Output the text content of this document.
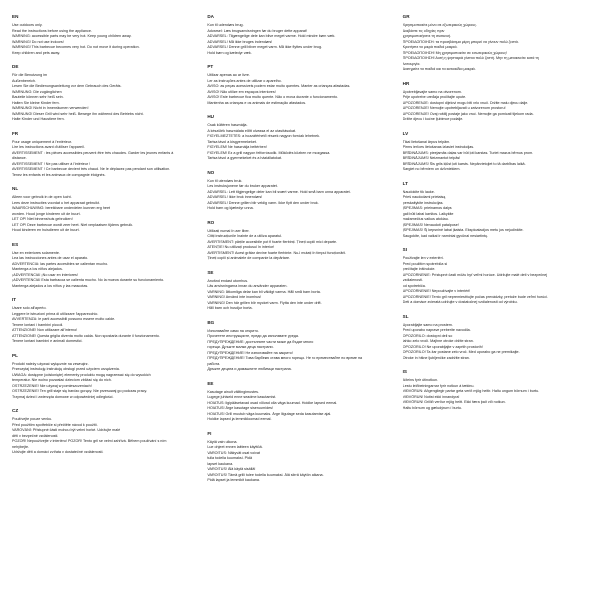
EN
Use outdoors only.
Read the instructions before using the appliance.
WARNING: accessible parts may be very hot. Keep young children away.
WARNING! Do not use indoors!
WARNING! This barbecue becomes very hot. Do not move it during operation.
Keep children and pets away.
DE
Für die Benutzung im
Außenbereich.
Lesen Sie die Bedienungsanleitung vor dem Gebrauch des Geräts.
WARNUNG: Die zugänglichen
Bauteile können sehr heiß sein.
Halten Sie kleine Kinder fern.
WARNUNG! Nicht in Innenräumen verwenden!
WARNUNG! Dieser Grill wird sehr heiß. Bewege ihn während des Betriebs nicht.
Halte Kinder und Haustiere fern.
FR
Pour usage uniquement à l'extérieur.
Lire les instructions avant d'utiliser l'appareil.
AVERTISSEMENT : les pièces accessibles peuvent être très chaudes. Garder les jeunes enfants à
distance.
AVERTISSEMENT ! Ne pas utiliser à l'intérieur !
AVERTISSEMENT ! Ce barbecue devient très chaud. Ne le déplacez pas pendant son utilisation.
Tenez les enfants et les animaux de compagnie éloignés.
NL
Alleen voor gebruik in de open lucht.
Lees deze instructies voordat u het apparaat gebruikt.
WAARSCHUWING: bereikbare onderdelen kunnen erg heet
worden. Houd jonge kinderen uit de buurt.
LET OP! Niet binnenshuis gebruiken!
LET OP! Deze barbecue wordt zeer heet. Niet verplaatsen tijdens gebruik.
Houd kinderen en huisdieren uit de buurt.
ES
Use en exteriores solamente.
Lea las instrucciones antes de usar el aparato.
ADVERTENCIA: las partes accesibles se calientan mucho.
Mantenga a los niños alejados.
¡ADVERTENCIA! ¡No usar en interiores!
¡ADVERTENCIA! Esta barbacoa se calienta mucho. No la mueva durante su funcionamiento.
Mantenga alejados a los niños y las mascotas.
IT
Usare solo all'aperto.
Leggere le istruzioni prima di utilizzare l'apparecchio.
AVVERTENZA: le parti accessibili possono essere molto calde.
Tenere lontani i bambini piccoli.
ATTENZIONE! Non utilizzare all'interno!
ATTENZIONE! Questa griglia diventa molto calda. Non spostarla durante il funzionamento.
Tenere lontani bambini e animali domestici.
PL
Produkt należy używać wyłącznie na zewnątrz.
Przeczytaj instrukcję instrukcję obsługi przed użyciem urządzenia.
UWAGA: dostępne (odsłonięte) elementy produktu mogą nagrzewać się do wysokich
temperatur. Nie wolno pozwalać dzieciom zbliżać się do nich.
OSTRZEŻENIE! Nie używaj w pomieszczeniach!
OSTRZEŻENIE! Ten grill staje się bardzo gorący. Nie przesuwaj go podczas pracy.
Trzymaj dzieci i zwierzęta domowe w odpowiedniej odległości.
CZ
Používejte pouze venku.
Před použitím spotřebiče si přečtěte návod k použití.
VAROVÁNÍ: Přístupné části mohou být velmi horké. Udržujte malé
děti v bezpečné vzdálenosti.
POZOR! Nepoužívejte v interiéru! POZOR! Tento gril se velmi zahřívá. Během používání s ním
nehýbejte.
Udržujte děti a domácí zvířata v dostatečné vzdálenosti.
DA
Kun til udendørs brug.
Advarsel: Læs brugsanvisningen før du bruger dette apparat!
ADVARSEL: Tilgængelige dele kan blive meget varme. Hold mindre børn væk.
ADVARSEL! Må ikke bruges indendørs!
ADVARSEL! Denne grill bliver meget varm. Må ikke flyttes under brug.
Hold børn og kæledyr væk.
PT
Utilizar apenas ao ar livre.
Ler as instruções antes de utilizar o aparelho.
AVISO: as peças acessíveis podem estar muito quentes. Manter as crianças afastadas.
AVISO! Não utilize em espaços interiores!
AVISO! Este barbecue fica muito quente. Não o mova durante o funcionamento.
Mantenha as crianças e os animais de estimação afastados.
HU
Csak kültéren használja.
A készülék használata előtt olvassa el az utasításokat.
FIGYELMEZTETÉS: a hozzáférhető részek nagyon forróak lehetnek.
Tartsa távol a kisgyermekeket.
FIGYELEM! Ne használja beltérben!
FIGYELEM! Ez a grill nagyon felforrósodik. Működés közben ne mozgassa.
Tartsa távol a gyermekeket és a háziállatokat.
NO
Kun til utendørs bruk.
Les instruksjonene før du bruker apparatet.
ADVARSEL: Lett tilgjengelige deler kan bli svært varme. Hold små barn unna apparatet.
ADVARSEL! Ikke bruk innendørs!
ADVARSEL! Denne grillen blir veldig varm. Ikke flytt den under bruk.
Hold barn og kjæledyr unna.
RO
Utilizați numai în aer liber.
Citiți instrucțiunile înainte de a utiliza aparatul.
AVERTISMENT: părțile accesibile pot fi foarte fierbinți. Țineți copiii mici departe.
ATENȚIE! Nu utilizați produsul în interior!
AVERTISMENT! Acest grătar devine foarte fierbinte. Nu-l mutați în timpul funcționării.
Țineți copiii și animalele de companie la depărtare.
SE
Använd endast utomhus.
Läs anvisningarna innan du använder apparaten.
VARNING: åtkomliga delar kan bli väldigt varma. Håll små barn borta.
VARNING! Använd inte inomhus!
VARNING! Den här grillen blir mycket varm. Flytta den inte under drift.
Håll barn och husdjur borta.
BG
Използвайте само на открито.
Прочетете инструкциите, преди да използвате уреда.
ПРЕДУПРЕЖДЕНИЕ: достъпните части може да бъдат много
горещи. Дръжте малки деца настрани.
ПРЕДУПРЕЖДЕНИЕ! Не използвайте на закрито!
ПРЕДУПРЕЖДЕНИЕ! Това барбекю става много горещо. Не го премествайте по време на
работа.
Дръжте децата и домашните любимци настрана.
EE
Kasutage ainult välitingimustes.
Lugege juhiseid enne seadme kasutamist.
HOIATUS: ligipääsetavad osad võivad olla väga kuumad. Hoidke lapsed eemal.
HOIATUS! Ärge kasutage siseruumides!
HOIATUS! Grill muutub väga kuumaks. Ärge liigutage seda kasutamise ajal.
Hoidke lapsed ja lemmikloomad eemal.
FI
Käytä vain ulkona.
Lue ohjeet ennen laitteen käyttöä.
VAROITUS: Näkyvät osat voivat
tulla todella kuumaksi. Pidä
lapset kaukana.
VAROITUS! Älä käytä sisällä!
VAROITUS! Tämä grilli tulee todella kuumaksi. Älä siirrä käytön aikana.
Pidä lapset ja lemmikit kaukana.
GR
Χρησιμοποιείτε μόνο σε εξωτερικούς χώρους.
Διαβάστε τις οδηγίες πριν
χρησιμοποιήσετε τη συσκευή.
ΠΡΟΕΙΔΟΠΟΙΗΣΗ: τα προσβάσιμα μέρη μπορεί να γίνουν πολύ ζεστά.
Κρατήστε τα μικρά παιδιά μακριά.
ΠΡΟΕΙΔΟΠΟΙΗΣΗ! Μη χρησιμοποιείτε σε εσωτερικούς χώρους!
ΠΡΟΕΙΔΟΠΟΙΗΣΗ! Αυτή η ψησταριά γίνεται πολύ ζεστή. Μην τη μετακινείτε κατά τη
λειτουργία.
Διατηρείτε τα παιδιά και τα κατοικίδια μακριά.
HR
Upotrebljavajte samo na otvorenom.
Prije upotrebe uređaja pročitajte upute.
UPOZORENJE: dostupni dijelovi mogu biti vrlo vrući. Držite malu djecu dalje.
UPOZORENJE! Nemojte upotrebljavati u zatvorenom prostoru!
UPOZORENJE! Ovaj roštilj postaje jako vruć. Nemojte ga pomicati tijekom rada.
Držite djecu i kućne ljubimce podalje.
LV
Tikai lietošanai ārpus telpām.
Pirms ierīces lietošanas izlasiet instrukcijas.
BRĪDINĀJUMS: pieejamās daļas var būt ļoti karstas. Turiet mazus bērnus prom.
BRĪDINĀJUMS! Neizmantot telpās!
BRĪDINĀJUMS! Šis grils kļūst ļoti karsts. Nepārvietojiet to tā darbības laikā.
Sargiet no bērniem un dzīvniekiem.
LT
Naudokite tik lauke.
Prieš naudodami prietaisą
perskaitykite instrukcijas.
ĮSPĖJIMAS: prieinamos dalys
gali būti labai karštos. Laikykite
mažamečius vaikus atokiau.
ĮSPĖJIMAS! Nenaudoti patalpose!
ĮSPĖJIMAS! Šį kepsninė labai įkaista. Eksploatacijos metu jos nejudinkite.
Saugokite, kad vaikai ir naminiai gyvūnai nesiartintų.
SI
Použivajte len v exteriéri.
Pred použitím spotrebiča si
prečítajte inštrukcie.
UPOZORNENIE: Prístupné časti môžu byť veľmi horúce. Udržujte malé deti v bezpečnej
vzdialenosti.
od spotrebiča.
UPOZORNENIE! Nepoužívajte v interiéri!
UPOZORNENIE! Tento gril nepremiestňujte počas prevádzky, pretože bude veľmi horúci.
Deti a domáce zvieratá udržujte v dostatočnej vzdialenosti od výrobku.
SL
Uporabljajte samo na prostem.
Pred uporabo naprave preberite navodila.
OPOZORILO: dostopni deli so
lahko zelo vroči. Majhne otroke držite stran.
OPOZORILO! Ne uporabljajte v zaprtih prostorih!
OPOZORILO! Ta žar postane zelo vroč. Med uporabo ga ne premikajte.
Otroke in hišne ljubljenčke zadržite stran.
IS
Aðeins fyrir útinotkun.
Lestu leiðbeiningarnar fyrir notkun á tækinu.
VIÐVÖRUN: Aðgengilegir partar geta verið mjög heitir. Haltu ungum börnum í burtu.
VIÐVÖRUN! Notist ekki innandyra!
VIÐVÖRUN! Grillið verður mjög heitt. Ekki færa það við notkun.
Haltu börnum og gæludýrum í burtu.
